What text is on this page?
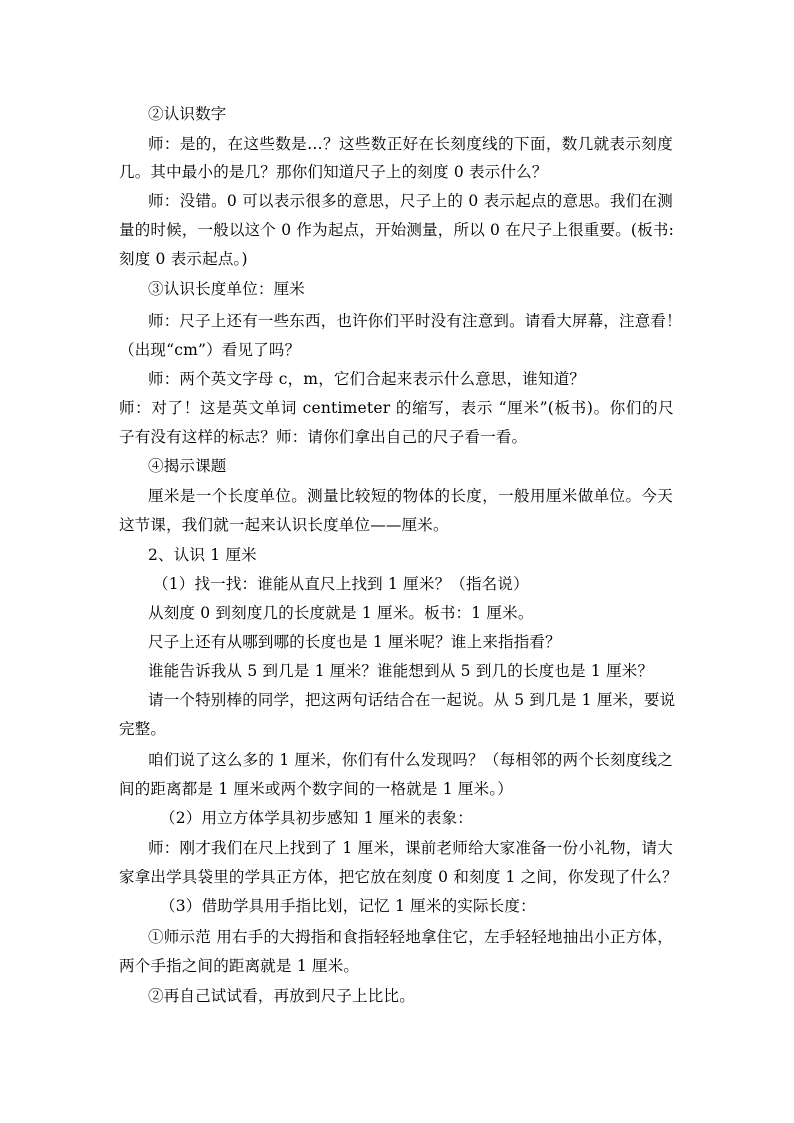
②认识数字
师：是的，在这些数是…？这些数正好在长刻度线的下面，数几就表示刻度
几。其中最小的是几？那你们知道尺子上的刻度 0 表示什么？
师：没错。0 可以表示很多的意思，尺子上的 0 表示起点的意思。我们在测
量的时候，一般以这个 0 作为起点，开始测量，所以 0 在尺子上很重要。(板书:
刻度 0 表示起点。)
③认识长度单位：厘米
师：尺子上还有一些东西，也许你们平时没有注意到。请看大屏幕，注意看！
（出现“cm”）看见了吗？
师：两个英文字母 c，m，它们合起来表示什么意思，谁知道？
师：对了！这是英文单词 centimeter 的缩写，表示 “厘米”(板书)。你们的尺
子有没有这样的标志？师：请你们拿出自己的尺子看一看。
④揭示课题
厘米是一个长度单位。测量比较短的物体的长度，一般用厘米做单位。今天
这节课，我们就一起来认识长度单位——厘米。
2、认识 1 厘米
（1）找一找：谁能从直尺上找到 1 厘米？（指名说）
从刻度 0 到刻度几的长度就是 1 厘米。板书：1 厘米。
尺子上还有从哪到哪的长度也是 1 厘米呢？谁上来指指看？
谁能告诉我从 5 到几是 1 厘米？谁能想到从 5 到几的长度也是 1 厘米？
请一个特别棒的同学，把这两句话结合在一起说。从 5 到几是 1 厘米，要说
完整。
咱们说了这么多的 1 厘米，你们有什么发现吗？（每相邻的两个长刻度线之
间的距离都是 1 厘米或两个数字间的一格就是 1 厘米。）
（2）用立方体学具初步感知 1 厘米的表象：
师：刚才我们在尺上找到了 1 厘米，课前老师给大家准备一份小礼物，请大
家拿出学具袋里的学具正方体，把它放在刻度 0 和刻度 1 之间，你发现了什么？
（3）借助学具用手指比划，记忆 1 厘米的实际长度：
①师示范 用右手的大拇指和食指轻轻地拿住它，左手轻轻地抽出小正方体，
两个手指之间的距离就是 1 厘米。
②再自己试试看，再放到尺子上比比。
